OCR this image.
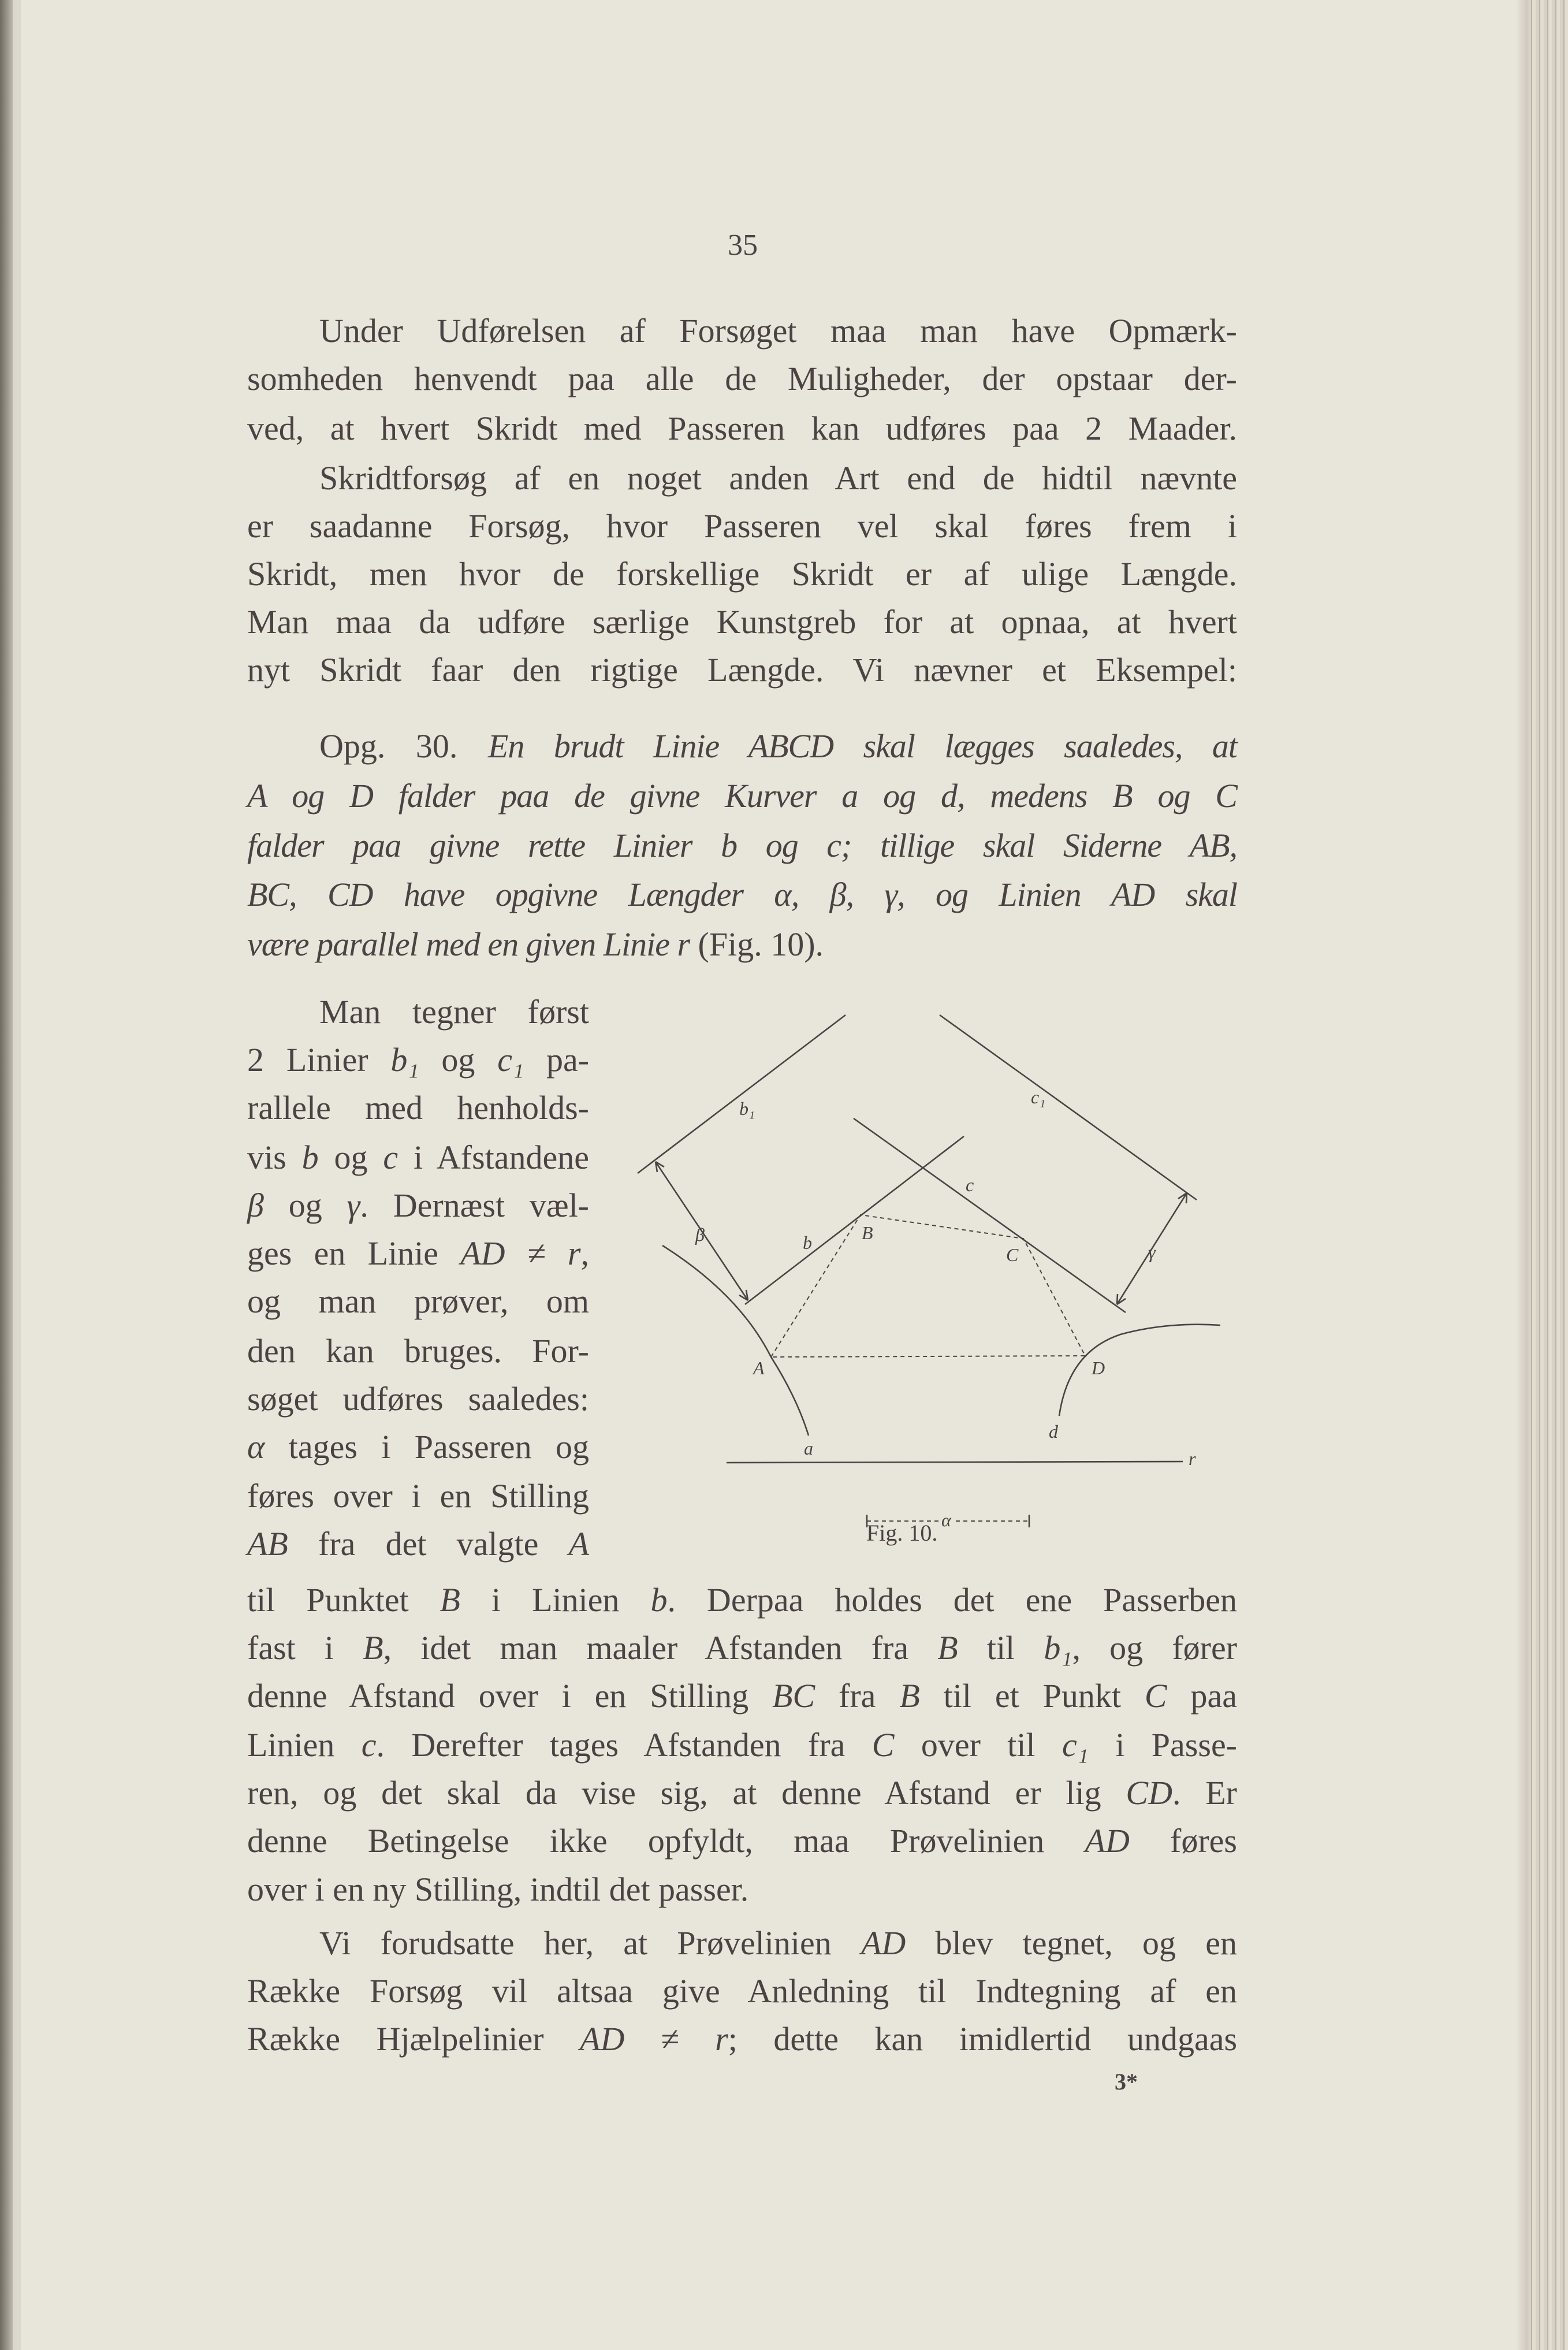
35
Under Udførelsen af Forsøget maa man have Opmærk-
somheden henvendt paa alle de Muligheder, der opstaar der-
ved, at hvert Skridt med Passeren kan udføres paa 2 Maader.
Skridtforsøg af en noget anden Art end de hidtil nævnte
er saadanne Forsøg, hvor Passeren vel skal føres frem i
Skridt, men hvor de forskellige Skridt er af ulige Længde.
Man maa da udføre særlige Kunstgreb for at opnaa, at hvert
nyt Skridt faar den rigtige Længde. Vi nævner et Eksempel:
Opg. 30. En brudt Linie ABCD skal lægges saaledes, at
A og D falder paa de givne Kurver a og d, medens B og C
falder paa givne rette Linier b og c; tillige skal Siderne AB,
BC, CD have opgivne Længder α, β, γ, og Linien AD skal
være parallel med en given Linie r (Fig. 10).
Man tegner først
2 Linier b₁ og c₁ pa-
rallele med henholds-
vis b og c i Afstandene
β og γ. Dernæst væl-
ges en Linie AD ≠ r,
og man prøver, om
den kan bruges. For-
søget udføres saaledes:
α tages i Passeren og
føres over i en Stilling
AB fra det valgte A
til Punktet B i Linien b. Derpaa holdes det ene Passerben
fast i B, idet man maaler Afstanden fra B til b₁, og fører
denne Afstand over i en Stilling BC fra B til et Punkt C paa
Linien c. Derefter tages Afstanden fra C over til c₁ i Passe-
ren, og det skal da vise sig, at denne Afstand er lig CD. Er
denne Betingelse ikke opfyldt, maa Prøvelinien AD føres
over i en ny Stilling, indtil det passer.
Vi forudsatte her, at Prøvelinien AD blev tegnet, og en
Række Forsøg vil altsaa give Anledning til Indtegning af en
Række Hjælpelinier AD ≠ r; dette kan imidlertid undgaas
b₁
c₁
c
β	b	B
C	γ
A	D
a
d
r
α
Fig. 10.
3*
